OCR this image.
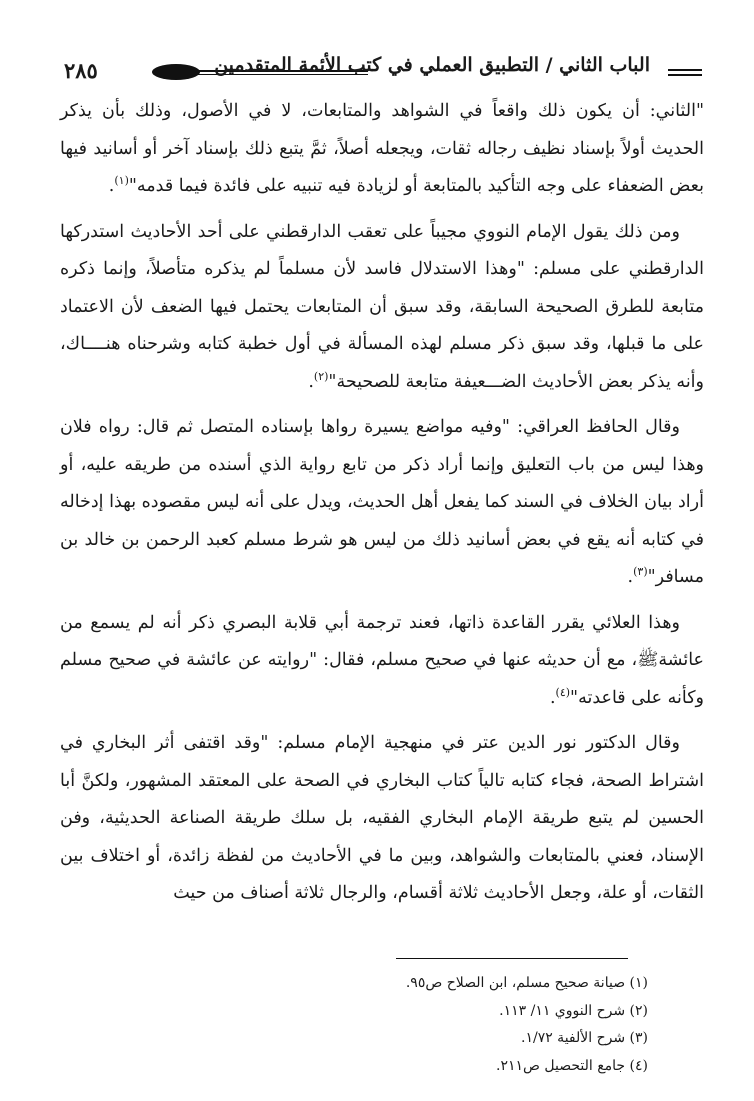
٢٨٥	الباب الثاني / التطبيق العملي في كتب الأئمة المتقدمين

"الثاني: أن يكون ذلك واقعاً في الشواهد والمتابعات، لا في الأصول، وذلك بأن يذكر الحديث أولاً بإسناد نظيف رجاله ثقات، ويجعله أصلاً، ثمَّ يتبع ذلك بإسناد آخر أو أسانيد فيها بعض الضعفاء على وجه التأكيد بالمتابعة أو لزيادة فيه تنبيه على فائدة فيما قدمه"$^{(١)}$.

ومن ذلك يقول الإمام النووي مجيباً على تعقب الدارقطني على أحد الأحاديث استدركها الدارقطني على مسلم: "وهذا الاستدلال فاسد لأن مسلماً لم يذكره متأصلاً، وإنما ذكره متابعة للطرق الصحيحة السابقة، وقد سبق أن المتابعات يحتمل فيها الضعف لأن الاعتماد على ما قبلها، وقد سبق ذكر مسلم لهذه المسألة في أول خطبة كتابه وشرحناه هنــــاك، وأنه يذكر بعض الأحاديث الضـــعيفة متابعة للصحيحة"$^{(٢)}$.

وقال الحافظ العراقي: "وفيه مواضع يسيرة رواها بإسناده المتصل ثم قال: رواه فلان وهذا ليس من باب التعليق وإنما أراد ذكر من تابع رواية الذي أسنده من طريقه عليه، أو أراد بيان الخلاف في السند كما يفعل أهل الحديث، ويدل على أنه ليس مقصوده بهذا إدخاله في كتابه أنه يقع في بعض أسانيد ذلك من ليس هو شرط مسلم كعبد الرحمن بن خالد بن مسافر"$^{(٣)}$.

وهذا العلائي يقرر القاعدة ذاتها، فعند ترجمة أبي قلابة البصري ذكر أنه لم يسمع من عائشةﷺ، مع أن حديثه عنها في صحيح مسلم، فقال: "روايته عن عائشة في صحيح مسلم وكأنه على قاعدته"$^{(٤)}$.

وقال الدكتور نور الدين عتر في منهجية الإمام مسلم: "وقد اقتفى أثر البخاري في اشتراط الصحة، فجاء كتابه تالياً كتاب البخاري في الصحة على المعتقد المشهور، ولكنَّ أبا الحسين لم يتبع طريقة الإمام البخاري الفقيه، بل سلك طريقة الصناعة الحديثية، وفن الإسناد، فعني بالمتابعات والشواهد، وبين ما في الأحاديث من لفظة زائدة، أو اختلاف بين الثقات، أو علة، وجعل الأحاديث ثلاثة أقسام، والرجال ثلاثة أصناف من حيث

(١) صيانة صحيح مسلم، ابن الصلاح ص٩٥.
(٢) شرح النووي ١١/ ١١٣.
(٣) شرح الألفية ١/٧٢.
(٤) جامع التحصيل ص٢١١.
